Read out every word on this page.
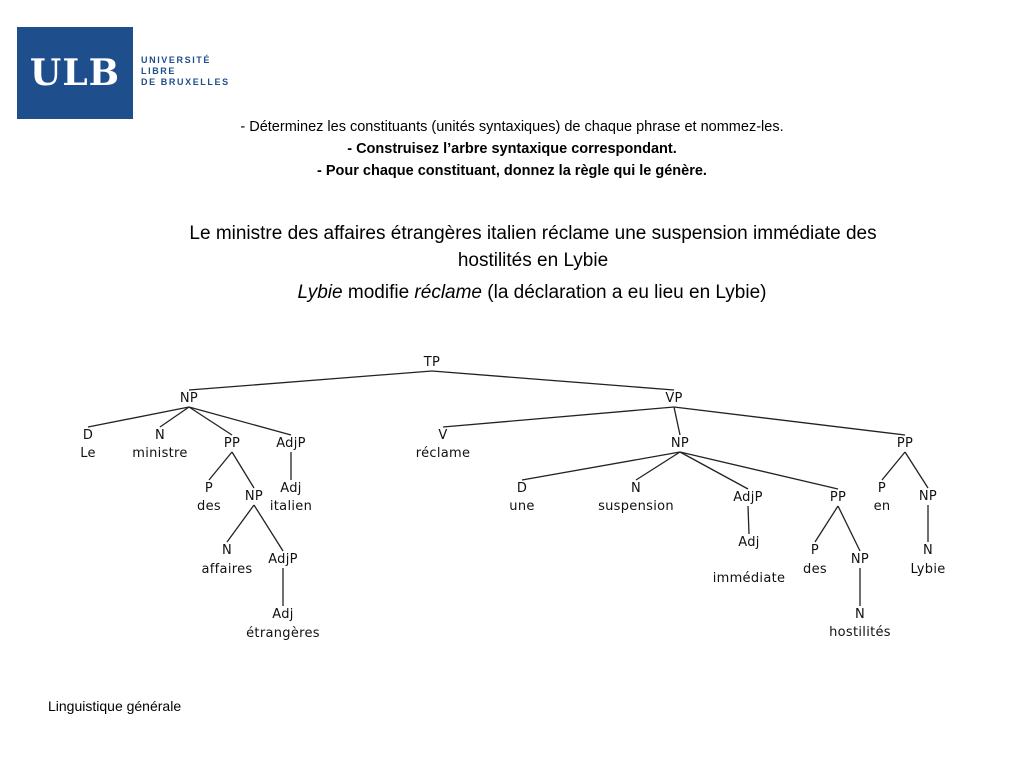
ULB	UNIVERSITÉ
LIBRE
DE BRUXELLES
- Déterminez les constituants (unités syntaxiques) de chaque phrase et nommez-les.
- Construisez l’arbre syntaxique correspondant.
- Pour chaque constituant, donnez la règle qui le génère.
Le ministre des affaires étrangères italien réclame une suspension immédiate des hostilités en Lybie
Lybie modifie réclame (la déclaration a eu lieu en Lybie)
TP
NP	VP
D
Le
N
ministre
PP	AdjP
P
des
NP
Adj
italien
N
affaires
AdjP
Adj
étrangères
V
réclame
NP	PP
D
une
N
suspension
AdjP	PP
Adj
immédiate
P
des
NP
N
hostilités
P
en
NP
N
Lybie
Linguistique générale
